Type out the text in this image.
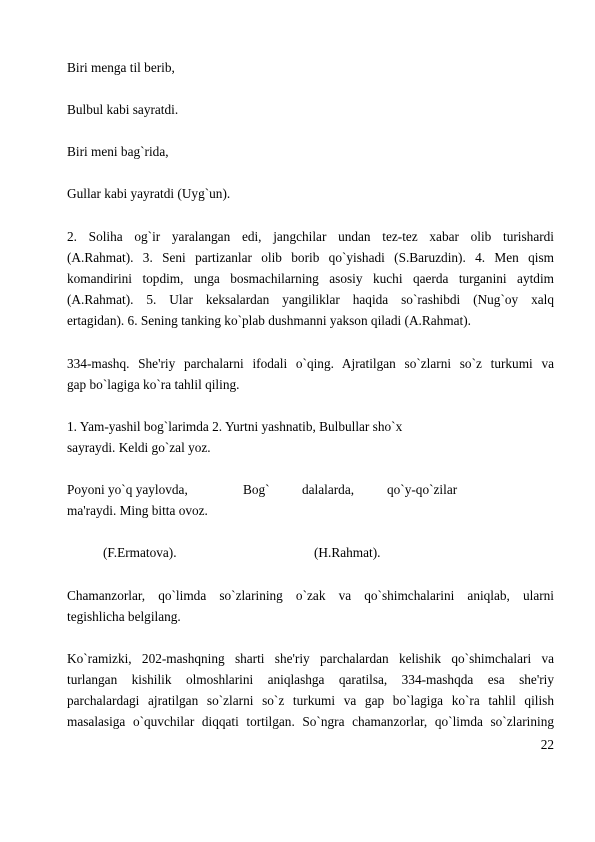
Biri menga til berib,
Bulbul kabi sayratdi.
Biri meni bag`rida,
Gullar kabi yayratdi (Uyg`un).
2. Soliha og`ir yaralangan edi, jangchilar undan tez-tez xabar olib turishardi
(A.Rahmat). 3. Seni partizanlar olib borib qo`yishadi (S.Baruzdin). 4. Men qism
komandirini topdim, unga bosmachilarning asosiy kuchi qaerda turganini aytdim
(A.Rahmat). 5. Ular keksalardan yangiliklar haqida so`rashibdi (Nug`oy xalq
ertagidan). 6. Sening tanking ko`plab dushmanni yakson qiladi (A.Rahmat).
334-mashq. She'riy parchalarni ifodali o`qing. Ajratilgan so`zlarni so`z turkumi va
gap bo`lagiga ko`ra tahlil qiling.
1. Yam-yashil bog`larimda 2. Yurtni yashnatib, Bulbullar sho`x
sayraydi. Keldi go`zal yoz.
Poyoni yo`q yaylovda,	Bog` dalalarda, qo`y-qo`zilar
ma'raydi. Ming bitta ovoz.
(F.Ermatova).	(H.Rahmat).
Chamanzorlar, qo`limda so`zlarining o`zak va qo`shimchalarini aniqlab, ularni
tegishlicha belgilang.
Ko`ramizki, 202-mashqning sharti she'riy parchalardan kelishik qo`shimchalari va
turlangan kishilik olmoshlarini aniqlashga qaratilsa, 334-mashqda esa she'riy
parchalardagi ajratilgan so`zlarni so`z turkumi va gap bo`lagiga ko`ra tahlil qilish
masalasiga o`quvchilar diqqati tortilgan. So`ngra chamanzorlar, qo`limda so`zlarining
22
